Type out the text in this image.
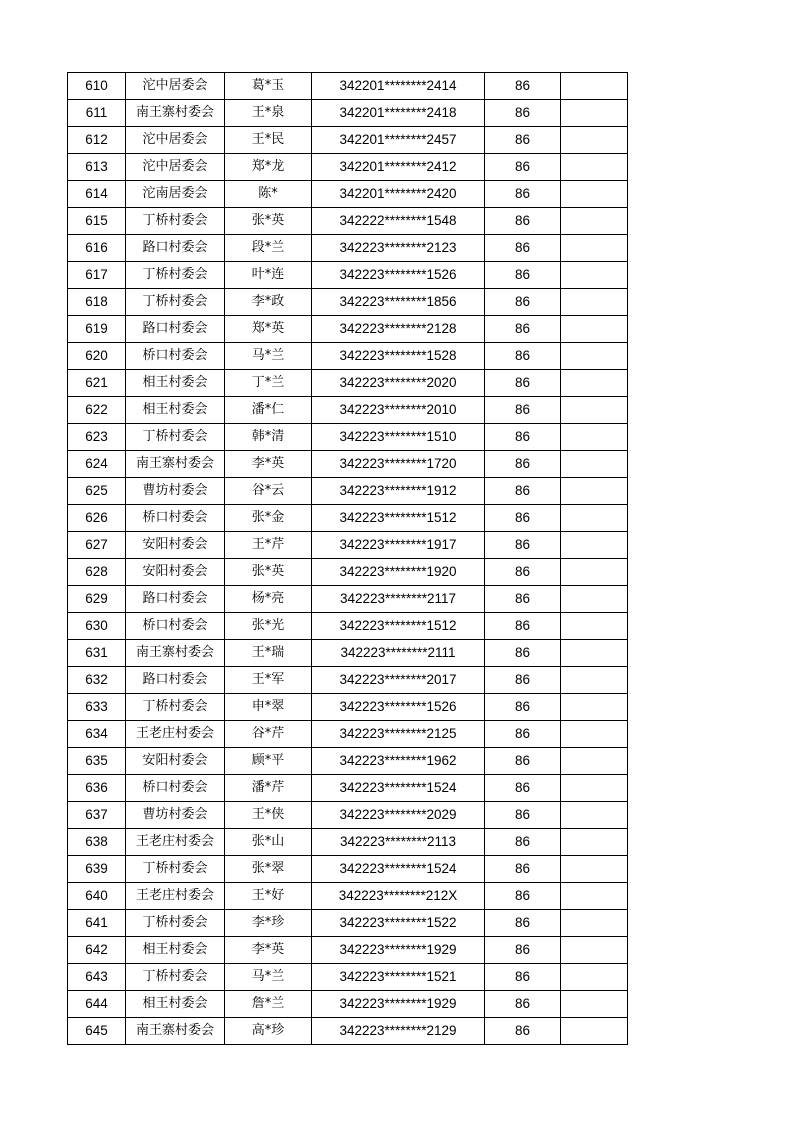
610	沱中居委会	葛*玉	342201********2414	86	
611	南王寨村委会	王*泉	342201********2418	86	
612	沱中居委会	王*民	342201********2457	86	
613	沱中居委会	郑*龙	342201********2412	86	
614	沱南居委会	陈*	342201********2420	86	
615	丁桥村委会	张*英	342222********1548	86	
616	路口村委会	段*兰	342223********2123	86	
617	丁桥村委会	叶*连	342223********1526	86	
618	丁桥村委会	李*政	342223********1856	86	
619	路口村委会	郑*英	342223********2128	86	
620	桥口村委会	马*兰	342223********1528	86	
621	相王村委会	丁*兰	342223********2020	86	
622	相王村委会	潘*仁	342223********2010	86	
623	丁桥村委会	韩*清	342223********1510	86	
624	南王寨村委会	李*英	342223********1720	86	
625	曹坊村委会	谷*云	342223********1912	86	
626	桥口村委会	张*金	342223********1512	86	
627	安阳村委会	王*芹	342223********1917	86	
628	安阳村委会	张*英	342223********1920	86	
629	路口村委会	杨*亮	342223********2117	86	
630	桥口村委会	张*光	342223********1512	86	
631	南王寨村委会	王*瑞	342223********2111	86	
632	路口村委会	王*军	342223********2017	86	
633	丁桥村委会	申*翠	342223********1526	86	
634	王老庄村委会	谷*芹	342223********2125	86	
635	安阳村委会	顾*平	342223********1962	86	
636	桥口村委会	潘*芹	342223********1524	86	
637	曹坊村委会	王*侠	342223********2029	86	
638	王老庄村委会	张*山	342223********2113	86	
639	丁桥村委会	张*翠	342223********1524	86	
640	王老庄村委会	王*好	342223********212X	86	
641	丁桥村委会	李*珍	342223********1522	86	
642	相王村委会	李*英	342223********1929	86	
643	丁桥村委会	马*兰	342223********1521	86	
644	相王村委会	詹*兰	342223********1929	86	
645	南王寨村委会	高*珍	342223********2129	86	
